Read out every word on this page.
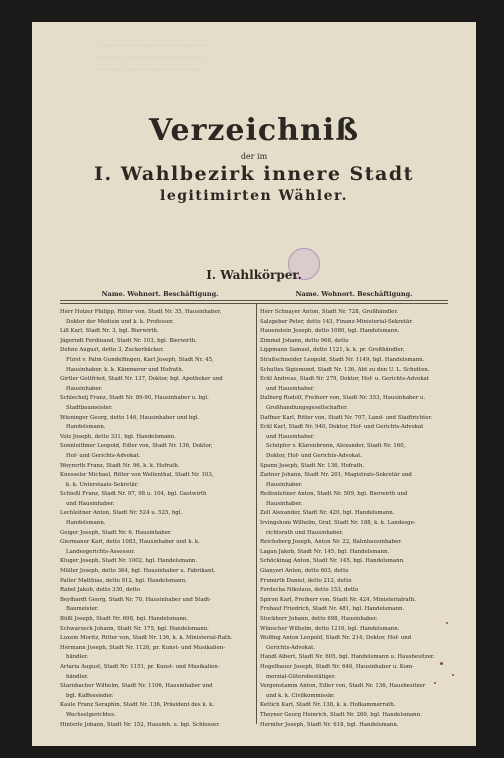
·· ········ ······· ········ ········ ········ ······
········ ····· ·········· ········ ······· ········
······ ········ ······· ·········· ······ ········
Verzeichniß
der im
I. Wahlbezirk innere Stadt
legitimirten Wähler.
I. Wahlkörper.
Name. Wohnort. Beschäftigung.	Name. Wohnort. Beschäftigung.
Herr Holzer Philipp, Ritter von, Stadt Nr. 35, Hausinhaber,
Doktor der Medizin und k. k. Professor.
Liß Karl, Stadt Nr. 3, bgl. Bierwirth.
Jägerndt Ferdinand, Stadt Nr. 103, bgl. Bierwirth.
Dehne August, detto 3, Zuckerbäcker.
Fürst v. Palm Gundelfingen, Karl Joseph, Stadt Nr. 45,
Hausinhaber, k. k. Kämmerer und Hofrath.
Girtler Gottfried, Stadt Nr. 137, Doktor, bgl. Apotheker und
Hausinhaber.
Schlechelj Franz, Stadt Nr. 89-90, Hausinhaber u. bgl.
Stadtbaumeister.
Wieninger Georg, detto 146, Hausinhaber und bgl.
Handelsmann.
Volz Joseph, detto 331, bgl. Handelsmann.
Sonnleithner Leopold, Edler von, Stadt Nr. 136, Doktor,
Hof- und Gerichts-Advokat.
Weyrerth Franz, Stadt Nr. 96, k. k. Hofrath.
Knesselsr Michael, Ritter von Wellenthal, Stadt Nr. 103,
k. k. Unterstaats-Sekretär.
Schießl Franz, Stadt Nr. 97, 98 u. 104, bgl. Gastwirth
und Hausinhaber.
Lechleitner Anton, Stadt Nr. 524 u. 525, bgl.
Handelsmann.
Geiger Joseph, Stadt Nr. 6, Hausinhaber.
Giermaner Karl, detto 1083, Hausinhaber und k. k.
Landesgerichts-Assessor.
Kluger Joseph, Stadt Nr. 1002, bgl. Handelsmann.
Müller Joseph, detto 364, bgl. Hausinhaber u. Fabrikant.
Palter Matthias, detto 912, bgl. Handelsmann.
Rabel Jakob, detto 330, detto
Beylhardt Georg, Stadt Nr. 70, Hausinhaber und Stadt-
Baumeister.
Büßl Joseph, Stadt Nr. 698, bgl. Handelsmann.
Schwarzeck Johann, Stadt Nr. 175, bgl. Handelsmann.
Luxem Moritz, Ritter von, Stadt Nr. 136, k. k. Ministerial-Rath.
Hermann Joseph, Stadt Nr. 1126, pr. Kunst- und Musikalien-
händler.
Artaria August, Stadt Nr. 1151, pr. Kunst- und Musikalien-
händler.
Starnbacher Wilhelm, Stadt Nr. 1106, Hausinhaber und
bgl. Kaffeesieder.
Kaule Franz Seraphin, Stadt Nr. 136, Präsident des k. k.
Wechselgerichtes.
Hinterle Johann, Stadt Nr. 152, Hausinh. u. bgl. Schlosser.
Herr Schnayer Anton, Stadt Nr. 728, Großhändler.
Salzgeber Peter, detto 143, Finanz-Ministerial-Sekretär.
Hauenstein Joseph, detto 1080, bgl. Handelsmann.
Zimmel Johann, detto 968, detto
Lippmann Samuel, detto 1121, k. k. pr. Großhändler.
Straßschneider Leopold, Stadt Nr. 1149, bgl. Handelsmann.
Schultes Sigismund, Stadt Nr. 136, Abt zu den U. L. Schotten.
Eckl Andreas, Stadt Nr. 279, Doktor, Hof- u. Gerichts-Advokat
und Hausinhaber.
Dalberg Rudolf, Freiherr von, Stadt Nr. 353, Hausinhaber u.
Großhandlungsgesellschafter.
Daffner Karl, Ritter von, Stadt Nr. 707, Land- und Stadtrichter.
Eckl Karl, Stadt Nr. 940, Doktor, Hof- und Gerichts-Advokat
und Hausinhaber.
Schöpfer v. Klarenbrunn, Alexander, Stadt Nr. 160,
Doktor, Hof- und Gerichts-Advokat.
Spann Joseph, Stadt Nr. 136, Hofrath.
Zaitner Johann, Stadt Nr. 201, Magistrats-Sekretär und
Hausinhaber.
Reifenleitner Anton, Stadt Nr. 509, bgl. Bierwirth und
Hausinhaber.
Zell Alexander, Stadt Nr. 420, bgl. Handelsmann.
Irvingshom Wilhelm, Graf, Stadt Nr. 188, k. k. Landesge-
richtsrath und Hausinhaber.
Reichsberg Joseph, Anton Nr. 22, Bahnhausinhaber.
Lagan Jakob, Stadt Nr. 145, bgl. Handelsmann.
Schöckinag Anton, Stadt Nr. 145, bgl. Handelsmann.
Gianyeri Anton, detto 603, detto
Frumirth Daniel, detto 212, detto
Ferdscha Nikolaus, detto 153, detto
Spiron Karl, Freiherr von, Stadt Nr. 424, Ministerialrath.
Frohauf Friedrich, Stadt Nr. 481, bgl. Handelsmann.
Stockherr Johann, detto 698, Hausinhaber.
Wünscher Wilhelm, detto 1216, bgl. Handelsmann.
Wolfing Anton Leopold, Stadt Nr. 214, Doktor, Hof- und
Gerichts-Advokat.
Handl Albert, Stadt Nr. 605, bgl. Handelsmann u. Hausbesitzer.
Hegelbauer Joseph, Stadt Nr. 646, Hausinhaber u. Kom-
merzial-Gütersbestätiger.
Vergenstamm Anton, Edler von, Stadt Nr. 136, Hausbesitzer
und k. k. Civilkommissär.
Kettich Karl, Stadt Nr. 138, k. k. Hofkammerrath.
Theyner Georg Heinrich, Stadt Nr. 269, bgl. Handelsmann.
Hermfer Joseph, Stadt Nr. 618, bgl. Handelsmann.
